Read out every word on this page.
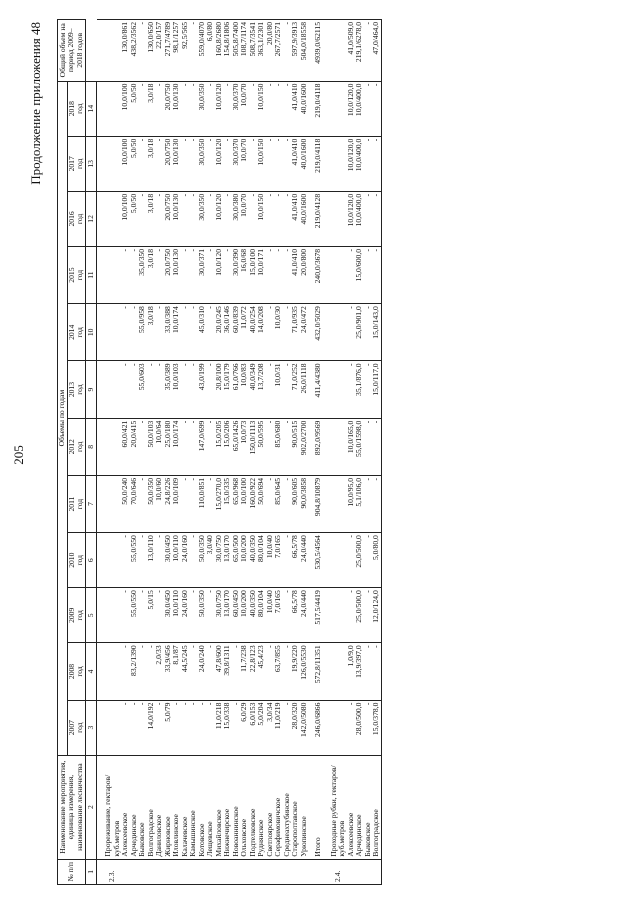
205
Продолжение приложения 48
№ п/п	Наименование мероприятия, единица измерения, наименование лесничества	Объемы по годам												Общий объем на период 2009–2018 годов
		2007
год	2008
год	2009
год	2010
год	2011
год	2012
год	2013
год	2014
год	2015
год	2016
год	2017
год	2018
год	
1	2	3	4	5	6	7	8	9	10	11	12	13	14	
2.3.	Прореживание, гектаров/куб.метров													
	Алексеевское	-	-	-	-	50,0/240	60,0/421	-	-	-	10,0/100	10,0/100	10,0/100	130,0/861
	Арчединское	-	83,2/1390	55,0/550	55,0/550	70,0/646	20,0/415	-	-	-	5,0/50	5,0/50	5,0/50	438,2/3562
	Быковское	-	-	-	-	-	-	55,0/603	55,0/958	35,0/350	-	-	-	-
	Волгоградское	14,0/192	-	5,0/15	13,0/110	50,0/350	50,0/103	-	3,0/18	3,0/18	3,0/18	3,0/18	3,0/18	130,0/650
	Даниловское	-	2,0/33	-	-	10,0/60	10,0/64	-	-	-	-	-	-	22,0/157
	Жирновское	5,0/79	33,9/456	30,0/450	30,0/450	24,8/226	25,0/180	35,0/389	33,0/388	20,0/750	20,0/750	20,0/750	20,0/750	271,7/4789
	Иловлинское	-	8,1/87	10,0/110	10,0/110	10,0/109	10,0/174	10,0/103	10,0/174	10,0/130	10,0/130	10,0/130	10,0/130	98,1/1257
	Калачевское	-	44,5/245	24,0/160	24,0/160	-	-	-	-	-	-	-	-	92,5/565
	Камышинское	-	-	-	-	-	-	-	-	-	-	-	-	-
	Котовское	-	24,0/240	50,0/350	50,0/350	110,0/851	147,0/699	43,0/199	45,0/310	30,0/371	30,0/350	30,0/350	30,0/350	559,0/4070
	Лещевское	-	-	-	3,0/40	-	-	-	-	-	-	-	-	6,0/80
	Михайловское	11,0/218	47,8/600	30,0/750	30,0/750	15,0/270,0	15,0/205	20,8/100	20,0/245	10,0/120	10,0/120	10,0/120	10,0/120	160,8/2680
	Нижнечирское	15,0/338	39,8/1311	13,0/170	13,0/170	15,0/335	15,0/206	15,0/179	36,0/146	-	-	-	-	154,8/1806
	Новоаннинское	-	-	60,0/450	65,0/500	65,0/968	65,0/1426	61,0/766	60,0/839	30,0/390	30,0/380	30,0/370	30,0/370	505,8/7400
	Ольховское	6,0/29	11,7/238	10,0/200	10,0/200	10,0/100	10,0/73	10,0/83	11,0/72	16,0/68	10,0/70	10,0/70	10,0/70	108,7/1174
	Подтелковское	6,0/153	22,8/123	40,0/350	40,0/350	160,0/922	150,0/1113	40,0/349	40,0/254	15,0/100	-	-	-	508,7/3541
	Руднянское	5,0/204	45,4/23	80,0/104	80,0/104	50,0/694	50,0/595	13,7/208	14,0/208	10,0/171	10,0/150	10,0/150	10,0/150	363,1/2301
	Светлоярское	3,0/34	-	10,0/40	10,0/40	-	-	-	-	-	-	-	-	20,0/80
	Серафимовичское	11,0/219	63,7/855	7,0/165	7,0/165	85,0/645	85,0/680	10,0/31	10,0/30	-	-	-	-	267,7/2571
	Среднеахтубинское	-	-	-	-	-	-	-	-	-	-	-	-	-
	Старополтавское	28,0/320	19,9/220	66,5/78	66,5/78	90,0/605	90,0/515	71,0/252	71,0/935	41,0/410	41,0/410	41,0/410	41,0/410	597,9/3913
	Урюпинское	142,0/5080	126,0/5530	24,0/440	24,0/440	90,0/3858	902,0/2700	26,0/1118	24,0/472	20,0/800	40,0/1600	40,0/1600	40,0/1600	504,0/18558
	Итого	246,0/6866	572,8/11351	517,5/4419	530,5/4564	904,8/10879	892,0/9569	411,4/4380	432,0/5029	240,0/3678	219,0/4128	219,0/4118	219,0/4118	4939,0/62115
2.4.	Проходные рубки, гектаров/куб.метров													
	Алексеевское	-	1,0/9,0	-	-	10,0/95,0	10,0/165,0	-	-	-	10,0/120,0	10,0/120,0	10,0/120,0	41,0/509,0
	Арчединское	28,0/500,0	13,9/397,0	25,0/500,0	25,0/500,0	5,1/106,0	55,0/1598,0	35,1/876,0	25,0/901,0	15,0/600,0	10,0/400,0	10,0/400,0	10,0/400,0	219,1/6278,0
	Быковское	-	-	-	-	-	-	-	-	-	-	-	-	-
	Волгоградское	15,0/378,0	-	12,0/124,0	5,0/80,0	-	-	15,0/117,0	15,0/143,0	-	-	-	-	47,0/464,0
